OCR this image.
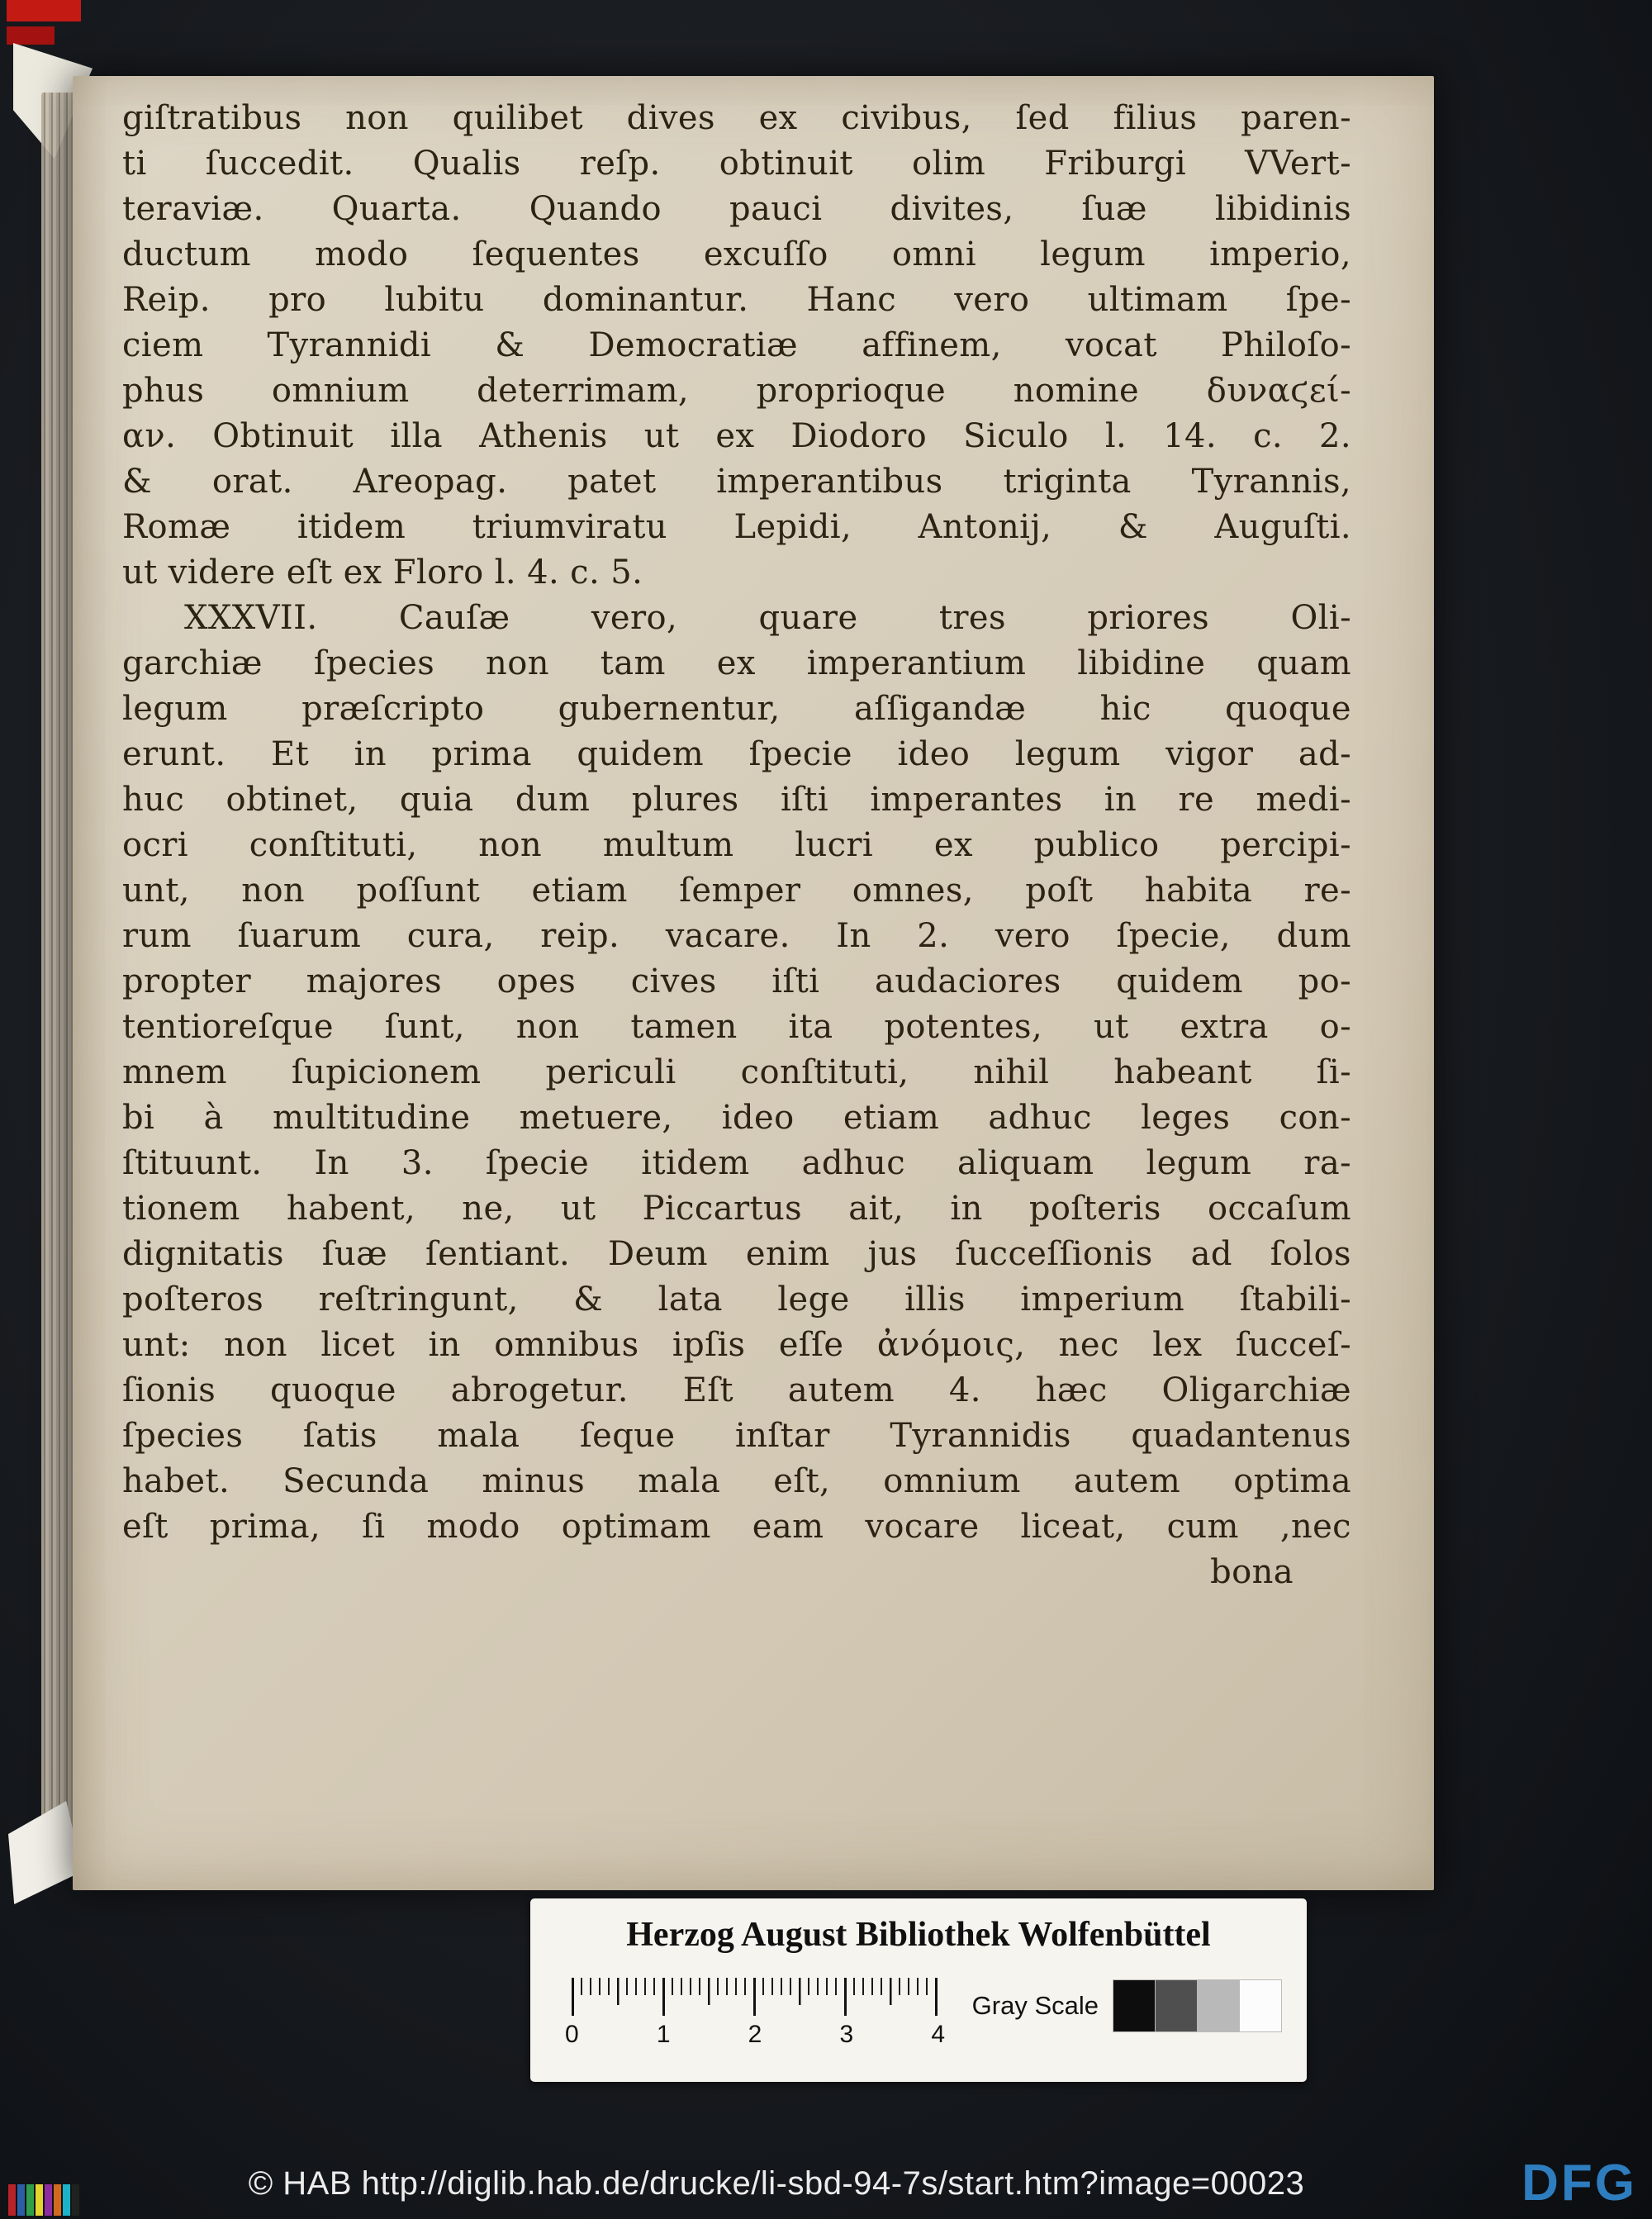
giſtratibus non quilibet dives ex civibus, ſed filius paren-
ti ſuccedit. Qualis reſp. obtinuit olim Friburgi VVert-
teraviæ. Quarta. Quando pauci divites, ſuæ libidinis
ductum modo ſequentes excuſſo omni legum imperio,
Reip. pro lubitu dominantur. Hanc vero ultimam ſpe-
ciem Tyrannidi & Democratiæ affinem, vocat Philoſo-
phus omnium deterrimam, proprioque nomine δυναϛεί-
αν. Obtinuit illa Athenis ut ex Diodoro Siculo l. 14. c. 2.
& orat. Areopag. patet imperantibus triginta Tyrannis,
Romæ itidem triumviratu Lepidi, Antonij, & Auguſti.
ut videre eſt ex Floro l. 4. c. 5.
XXXVII. Cauſæ vero, quare tres priores Oli-
garchiæ ſpecies non tam ex imperantium libidine quam
legum præſcripto gubernentur, aſſigandæ hic quoque
erunt. Et in prima quidem ſpecie ideo legum vigor ad-
huc obtinet, quia dum plures iſti imperantes in re medi-
ocri conſtituti, non multum lucri ex publico percipi-
unt, non poſſunt etiam ſemper omnes, poſt habita re-
rum ſuarum cura, reip. vacare. In 2. vero ſpecie, dum
propter majores opes cives iſti audaciores quidem po-
tentioreſque ſunt, non tamen ita potentes, ut extra o-
mnem ſupicionem periculi conſtituti, nihil habeant ſi-
bi à multitudine metuere, ideo etiam adhuc leges con-
ſtituunt. In 3. ſpecie itidem adhuc aliquam legum ra-
tionem habent, ne, ut Piccartus ait, in poſteris occaſum
dignitatis ſuæ ſentiant. Deum enim jus ſucceſſionis ad ſolos
poſteros reſtringunt, & lata lege illis imperium ſtabili-
unt: non licet in omnibus ipſis eſſe ἀνόμοις, nec lex ſucceſ-
ſionis quoque abrogetur. Eſt autem 4. hæc Oligarchiæ
ſpecies ſatis mala ſeque inſtar Tyrannidis quadantenus
habet. Secunda minus mala eſt, omnium autem optima
eſt prima, ſi modo optimam eam vocare liceat, cum ,nec
bona
Herzog August Bibliothek Wolfenbüttel
0	1	2	3	4
Gray Scale
© HAB http://diglib.hab.de/drucke/li-sbd-94-7s/start.htm?image=00023	DFG
